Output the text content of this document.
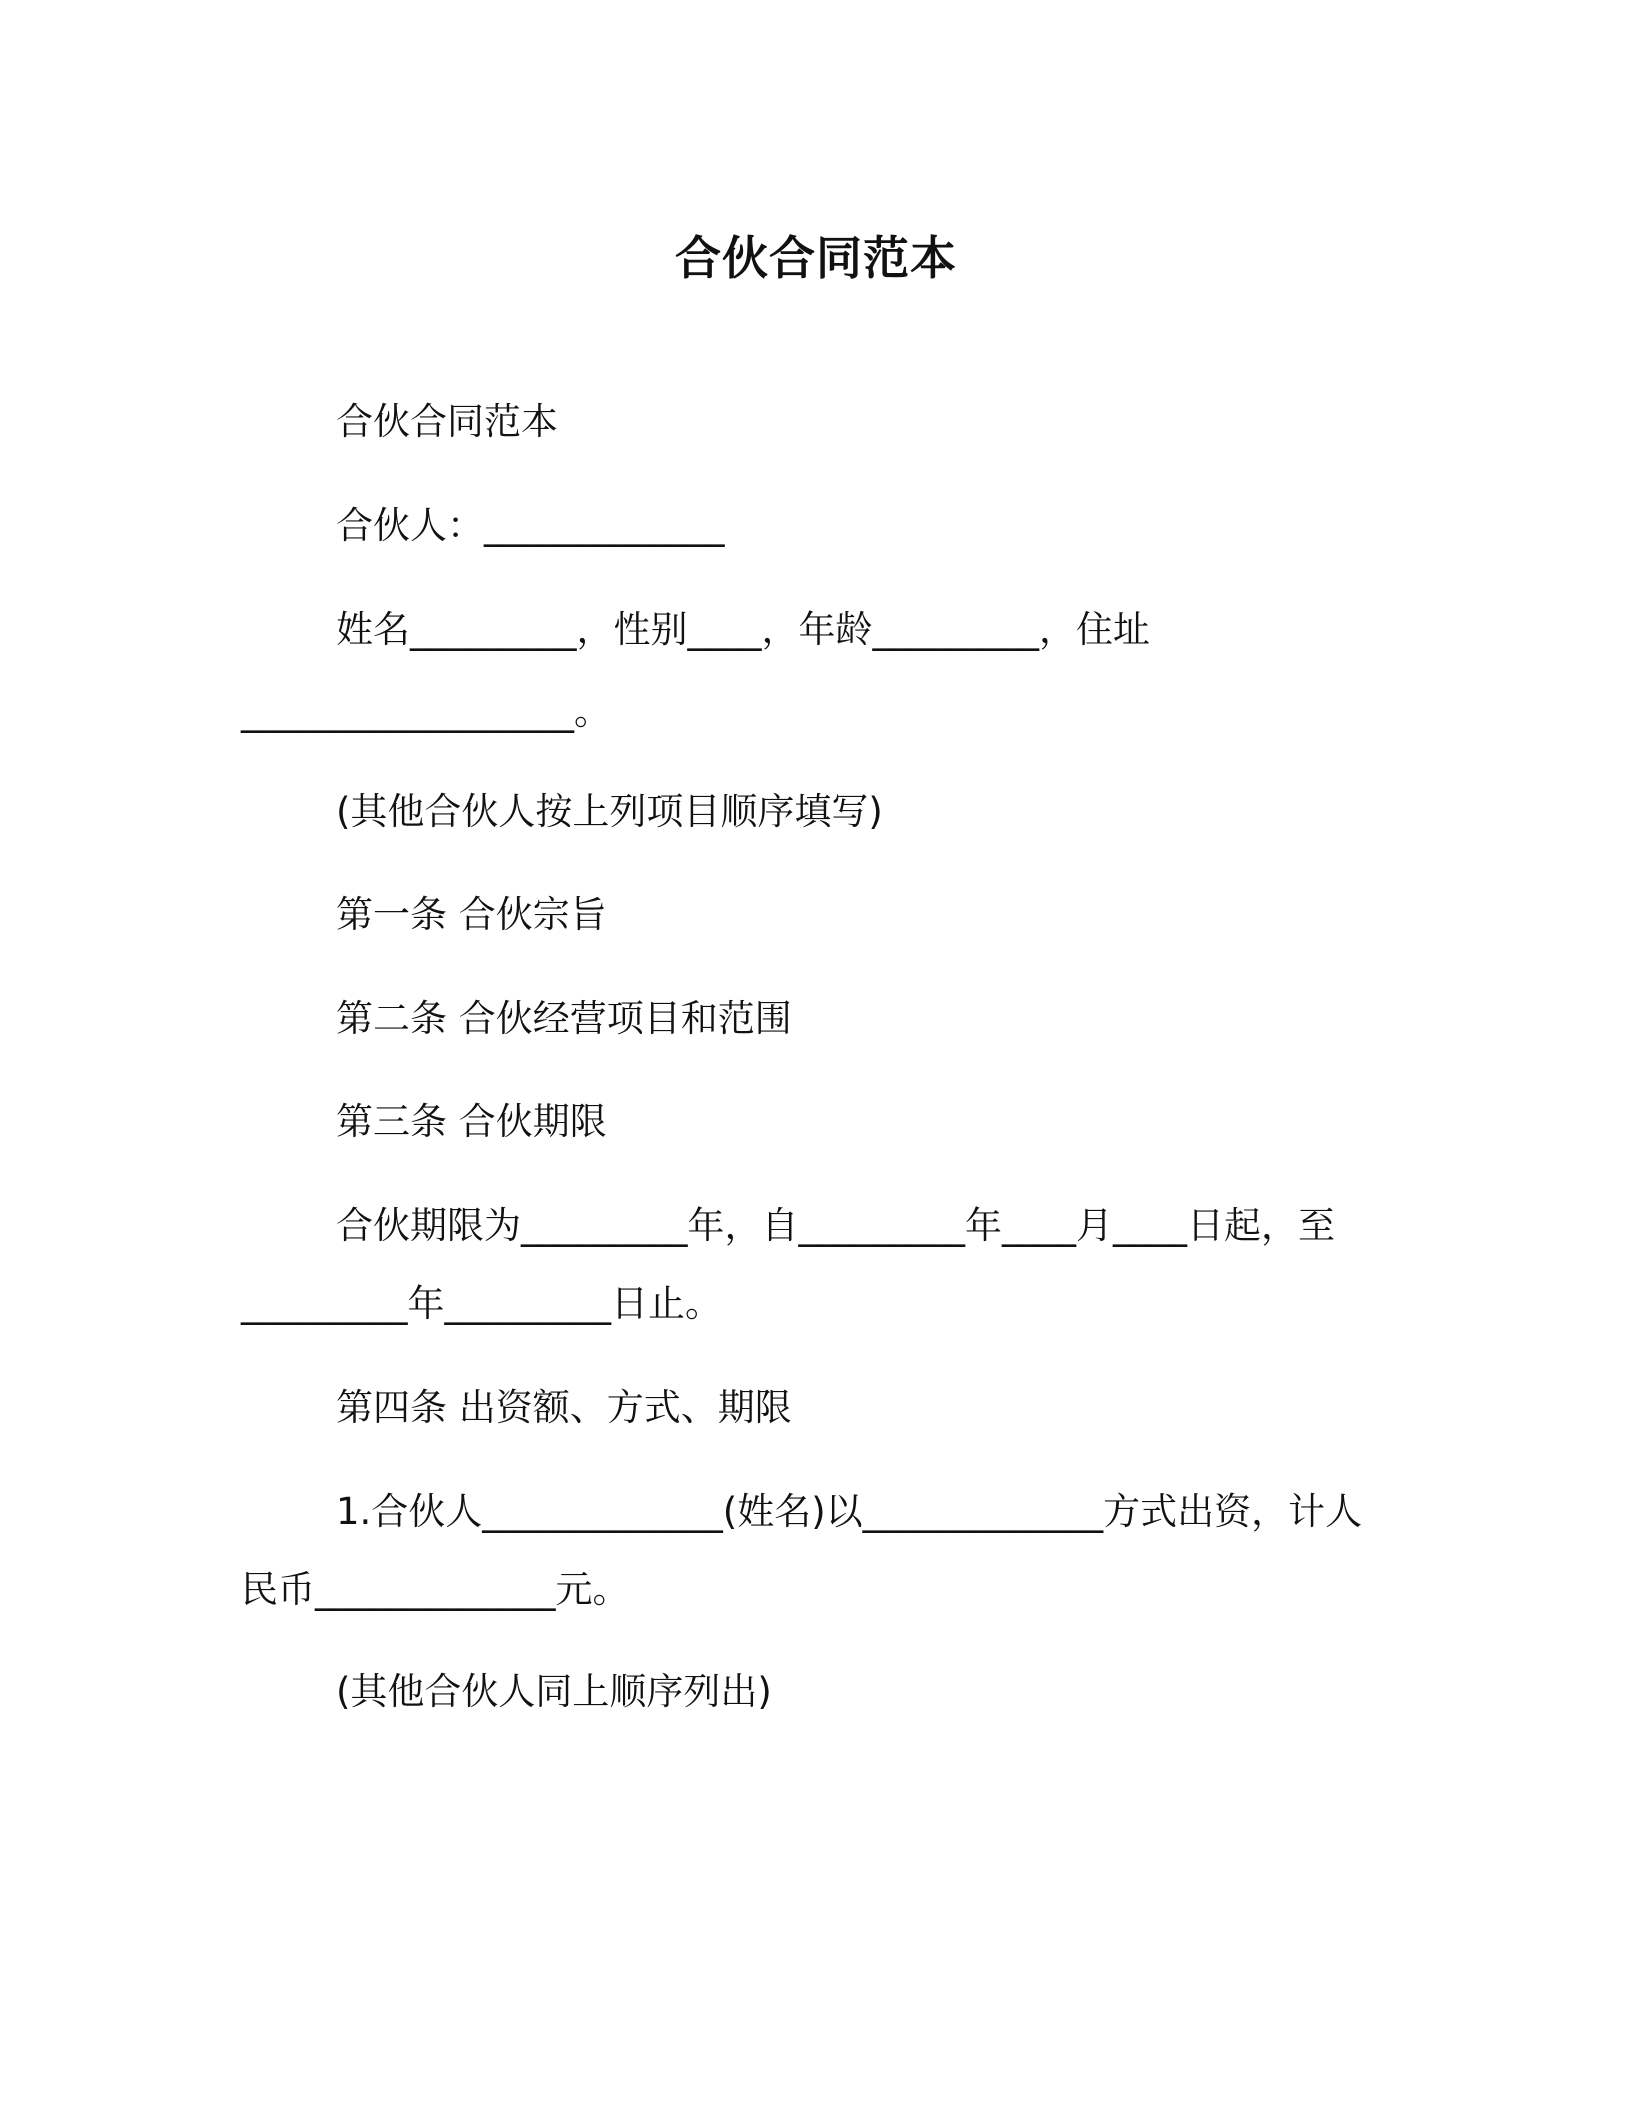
合伙合同范本
合伙合同范本
合伙人：_____________
姓名_________，性别____，年龄_________，住址
__________________。
(其他合伙人按上列项目顺序填写)
第一条 合伙宗旨
第二条 合伙经营项目和范围
第三条 合伙期限
合伙期限为_________年，自_________年____月____日起，至
_________年_________日止。
第四条 出资额、方式、期限
1.合伙人_____________(姓名)以_____________方式出资，计人
民币_____________元。
(其他合伙人同上顺序列出)
